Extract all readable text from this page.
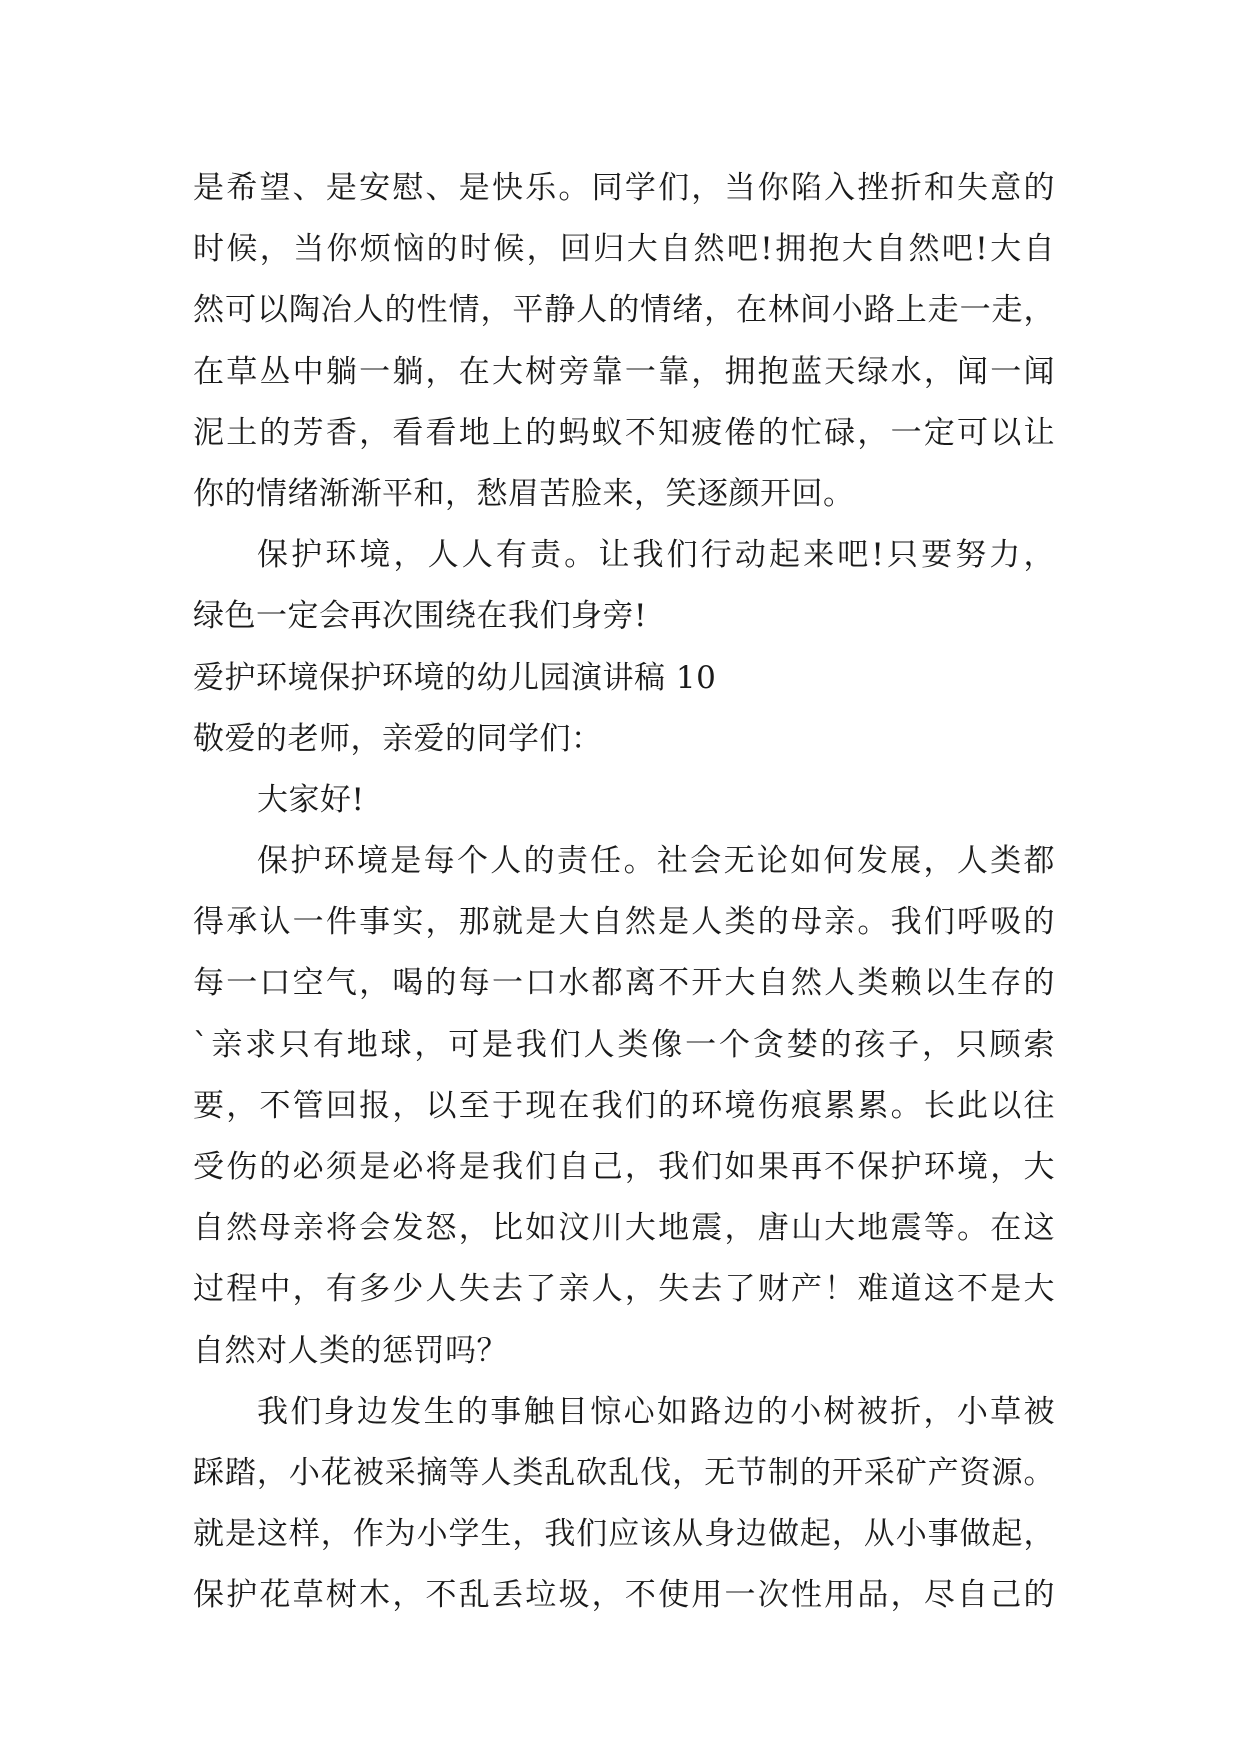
是希望、是安慰、是快乐。同学们，当你陷入挫折和失意的
时候，当你烦恼的时候，回归大自然吧!拥抱大自然吧!大自
然可以陶冶人的性情，平静人的情绪，在林间小路上走一走，
在草丛中躺一躺，在大树旁靠一靠，拥抱蓝天绿水，闻一闻
泥土的芳香，看看地上的蚂蚁不知疲倦的忙碌，一定可以让
你的情绪渐渐平和，愁眉苦脸来，笑逐颜开回。
保护环境，人人有责。让我们行动起来吧!只要努力，
绿色一定会再次围绕在我们身旁!
爱护环境保护环境的幼儿园演讲稿 10
敬爱的老师，亲爱的同学们：
大家好!
保护环境是每个人的责任。社会无论如何发展，人类都
得承认一件事实，那就是大自然是人类的母亲。我们呼吸的
每一口空气，喝的每一口水都离不开大自然人类赖以生存的
`亲求只有地球，可是我们人类像一个贪婪的孩子，只顾索
要，不管回报，以至于现在我们的环境伤痕累累。长此以往
受伤的必须是必将是我们自己，我们如果再不保护环境，大
自然母亲将会发怒，比如汶川大地震，唐山大地震等。在这
过程中，有多少人失去了亲人，失去了财产！难道这不是大
自然对人类的惩罚吗？
我们身边发生的事触目惊心如路边的小树被折，小草被
踩踏，小花被采摘等人类乱砍乱伐，无节制的开采矿产资源。
就是这样，作为小学生，我们应该从身边做起，从小事做起，
保护花草树木，不乱丢垃圾，不使用一次性用品，尽自己的
